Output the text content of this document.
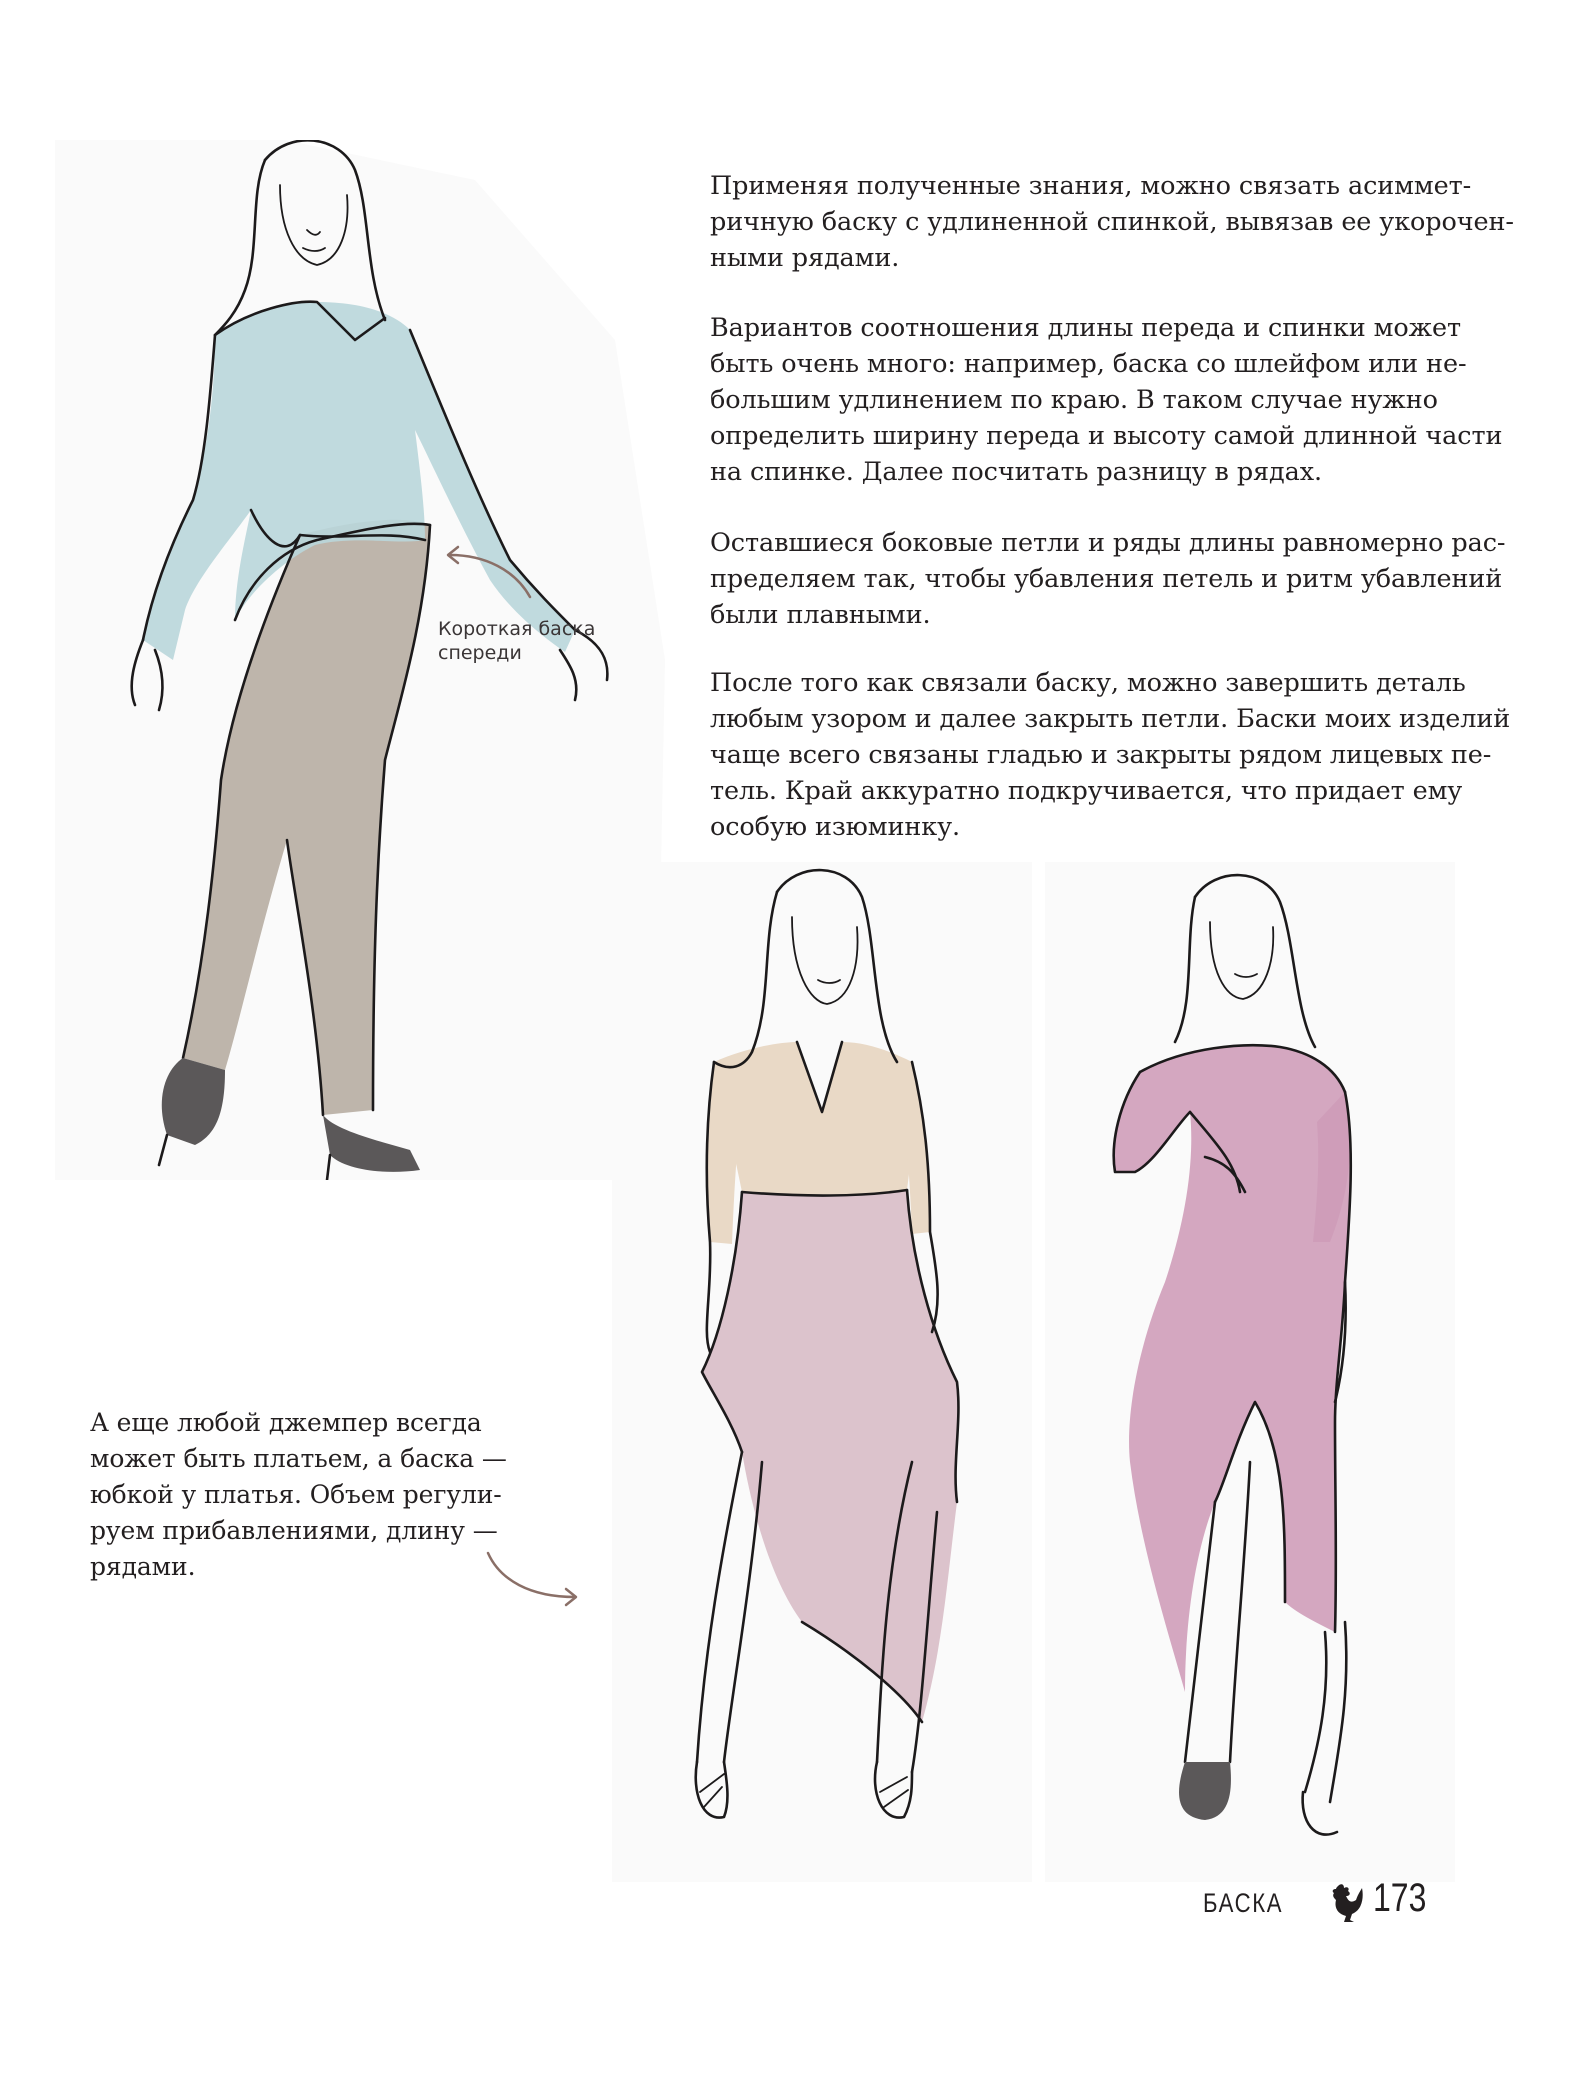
Короткая баска
спереди

Применяя полученные знания, можно связать асиммет-
ричную баску с удлиненной спинкой, вывязав ее укорочен-
ными рядами.

Вариантов соотношения длины переда и спинки может
быть очень много: например, баска со шлейфом или не-
большим удлинением по краю. В таком случае нужно
определить ширину переда и высоту самой длинной части
на спинке. Далее посчитать разницу в рядах.

Оставшиеся боковые петли и ряды длины равномерно рас-
пределяем так, чтобы убавления петель и ритм убавлений
были плавными.

После того как связали баску, можно завершить деталь
любым узором и далее закрыть петли. Баски моих изделий
чаще всего связаны гладью и закрыты рядом лицевых пе-
тель. Край аккуратно подкручивается, что придает ему
особую изюминку.

А еще любой джемпер всегда
может быть платьем, а баска —
юбкой у платья. Объем регули-
руем прибавлениями, длину —
рядами.

БАСКА 173
